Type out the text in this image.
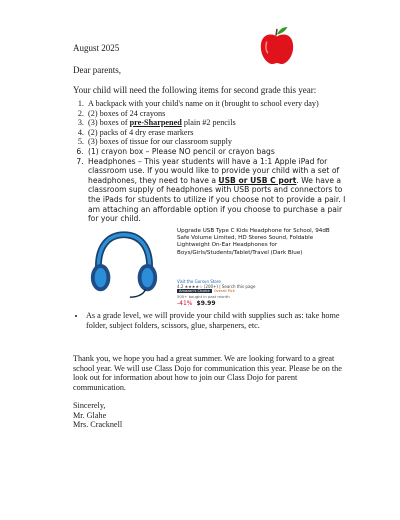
August 2025
Dear parents,
Your child will need the following items for second grade this year:
1. A backpack with your child's name on it (brought to school every day)
2. (2) boxes of 24 crayons
3. (3) boxes of pre-Sharpened plain #2 pencils
4. (2) packs of 4 dry erase markers
5. (3) boxes of tissue for our classroom supply
6. (1) crayon box – Please NO pencil or crayon bags
7. Headphones – This year students will have a 1:1 Apple iPad for classroom use. If you would like to provide your child with a set of headphones, they need to have a USB or USB C port. We have a classroom supply of headphones with USB ports and connectors to the iPads for students to utilize if you choose not to provide a pair. I am attaching an affordable option if you choose to purchase a pair for your child.
Upgrade USB Type C Kids Headphone for School, 94dB Safe Volume Limited, HD Stereo Sound, Foldable Lightweight On-Ear Headphones for Boys/Girls/Students/Tablet/Travel (Dark Blue)
Visit the Gorsun Store
4.2 ★★★★☆ (200+) | Search this page
Amazon's Choice Overall Pick
500+ bought in past month
-41% $9.99
• As a grade level, we will provide your child with supplies such as: take home folder, subject folders, scissors, glue, sharpeners, etc.

Thank you, we hope you had a great summer. We are looking forward to a great school year. We will use Class Dojo for communication this year. Please be on the look out for information about how to join our Class Dojo for parent communication.

Sincerely,
Mr. Glahe
Mrs. Cracknell
